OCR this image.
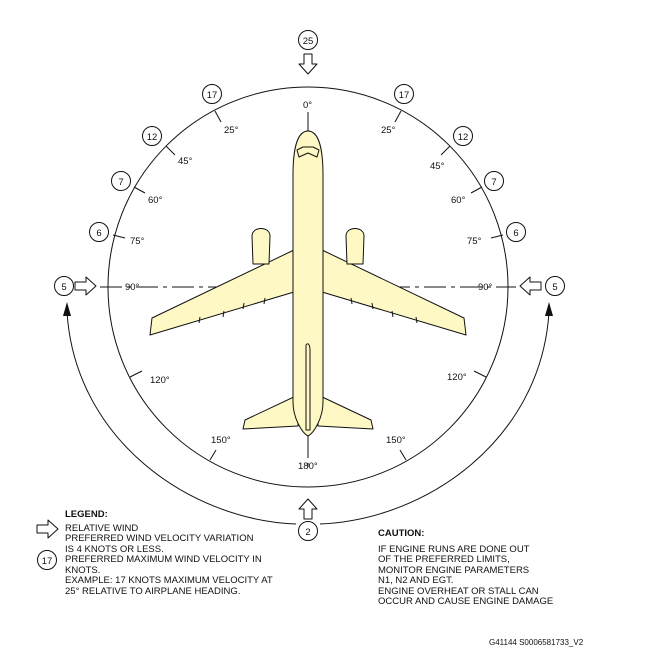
25
17	17
12	12
7	7
6	6
5	5
2
0°
25°	25°
45°	45°
60°	60°
75°	75°
90°	90°
120°	120°
150°	150°
180°
17
LEGEND:
RELATIVE WIND
PREFERRED WIND VELOCITY VARIATION
IS 4 KNOTS OR LESS.
PREFERRED MAXIMUM WIND VELOCITY IN
KNOTS.
EXAMPLE: 17 KNOTS MAXIMUM VELOCITY AT
25° RELATIVE TO AIRPLANE HEADING.
CAUTION:
IF ENGINE RUNS ARE DONE OUT
OF THE PREFERRED LIMITS,
MONITOR ENGINE PARAMETERS
N1, N2 AND EGT.
ENGINE OVERHEAT OR STALL CAN
OCCUR AND CAUSE ENGINE DAMAGE
G41144 S0006581733_V2
